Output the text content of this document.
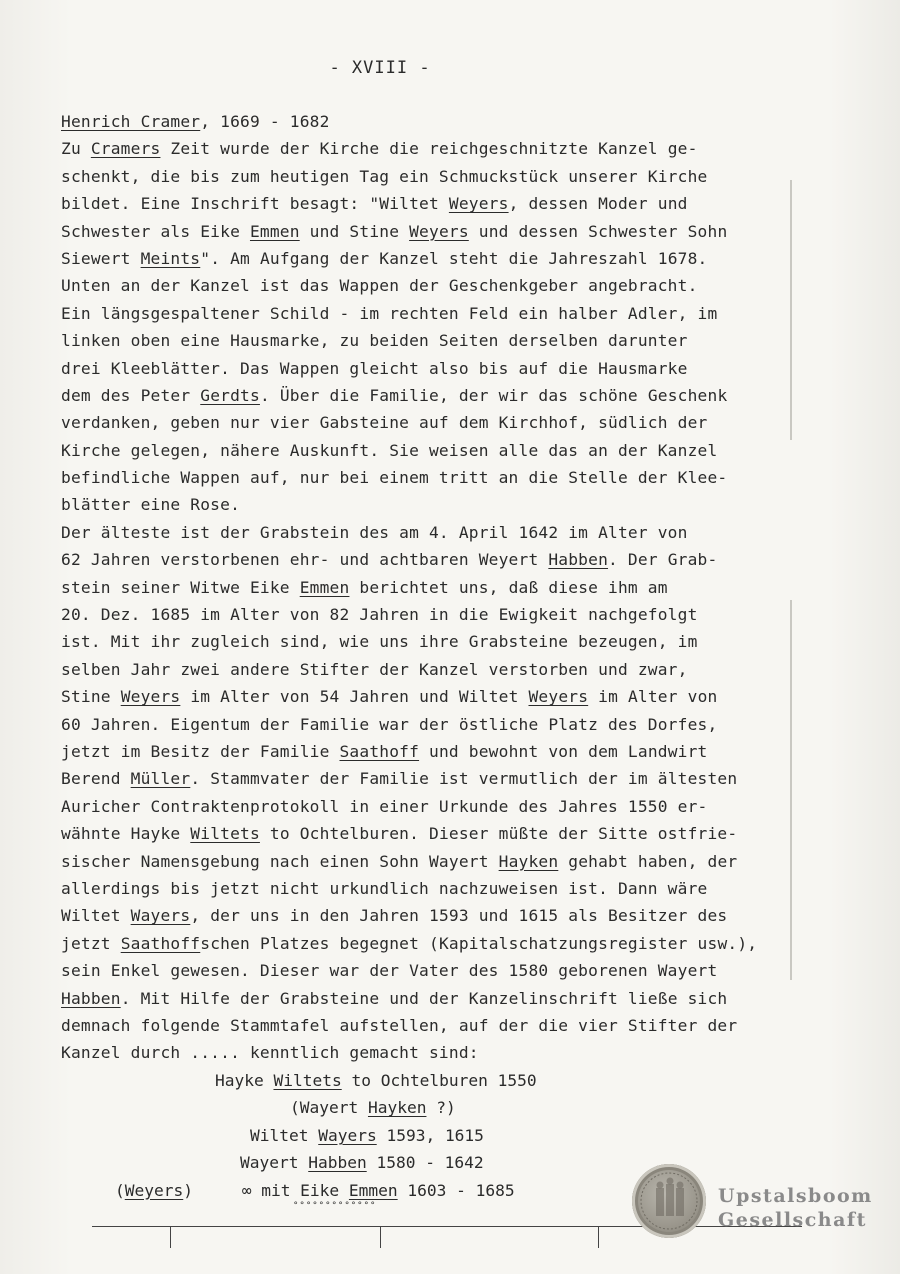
- XVIII -
Henrich Cramer, 1669 - 1682
Zu Cramers Zeit wurde der Kirche die reichgeschnitzte Kanzel ge-
schenkt, die bis zum heutigen Tag ein Schmuckstück unserer Kirche
bildet. Eine Inschrift besagt: "Wiltet Weyers, dessen Moder und
Schwester als Eike Emmen und Stine Weyers und dessen Schwester Sohn
Siewert Meints". Am Aufgang der Kanzel steht die Jahreszahl 1678.
Unten an der Kanzel ist das Wappen der Geschenkgeber angebracht.
Ein längsgespaltener Schild - im rechten Feld ein halber Adler, im
linken oben eine Hausmarke, zu beiden Seiten derselben darunter
drei Kleeblätter. Das Wappen gleicht also bis auf die Hausmarke
dem des Peter Gerdts. Über die Familie, der wir das schöne Geschenk
verdanken, geben nur vier Gabsteine auf dem Kirchhof, südlich der
Kirche gelegen, nähere Auskunft. Sie weisen alle das an der Kanzel
befindliche Wappen auf, nur bei einem tritt an die Stelle der Klee-
blätter eine Rose.
Der älteste ist der Grabstein des am 4. April 1642 im Alter von
62 Jahren verstorbenen ehr- und achtbaren Weyert Habben. Der Grab-
stein seiner Witwe Eike Emmen berichtet uns, daß diese ihm am
20. Dez. 1685 im Alter von 82 Jahren in die Ewigkeit nachgefolgt
ist. Mit ihr zugleich sind, wie uns ihre Grabsteine bezeugen, im
selben Jahr zwei andere Stifter der Kanzel verstorben und zwar,
Stine Weyers im Alter von 54 Jahren und Wiltet Weyers im Alter von
60 Jahren. Eigentum der Familie war der östliche Platz des Dorfes,
jetzt im Besitz der Familie Saathoff und bewohnt von dem Landwirt
Berend Müller. Stammvater der Familie ist vermutlich der im ältesten
Auricher Contraktenprotokoll in einer Urkunde des Jahres 1550 er-
wähnte Hayke Wiltets to Ochtelburen. Dieser müßte der Sitte ostfrie-
sischer Namensgebung nach einen Sohn Wayert Hayken gehabt haben, der
allerdings bis jetzt nicht urkundlich nachzuweisen ist. Dann wäre
Wiltet Wayers, der uns in den Jahren 1593 und 1615 als Besitzer des
jetzt Saathoffschen Platzes begegnet (Kapitalschatzungsregister usw.),
sein Enkel gewesen. Dieser war der Vater des 1580 geborenen Wayert
Habben. Mit Hilfe der Grabsteine und der Kanzelinschrift ließe sich
demnach folgende Stammtafel aufstellen, auf der die vier Stifter der
Kanzel durch ..... kenntlich gemacht sind:
Hayke Wiltets to Ochtelburen 1550
(Wayert Hayken ?)
Wiltet Wayers 1593, 1615
Wayert Habben 1580 - 1642
(Weyers)     ∞ mit Eike Emmen 1603 - 1685
°°°°°°°°°°°°°	Upstalsboom
Gesellschaft
